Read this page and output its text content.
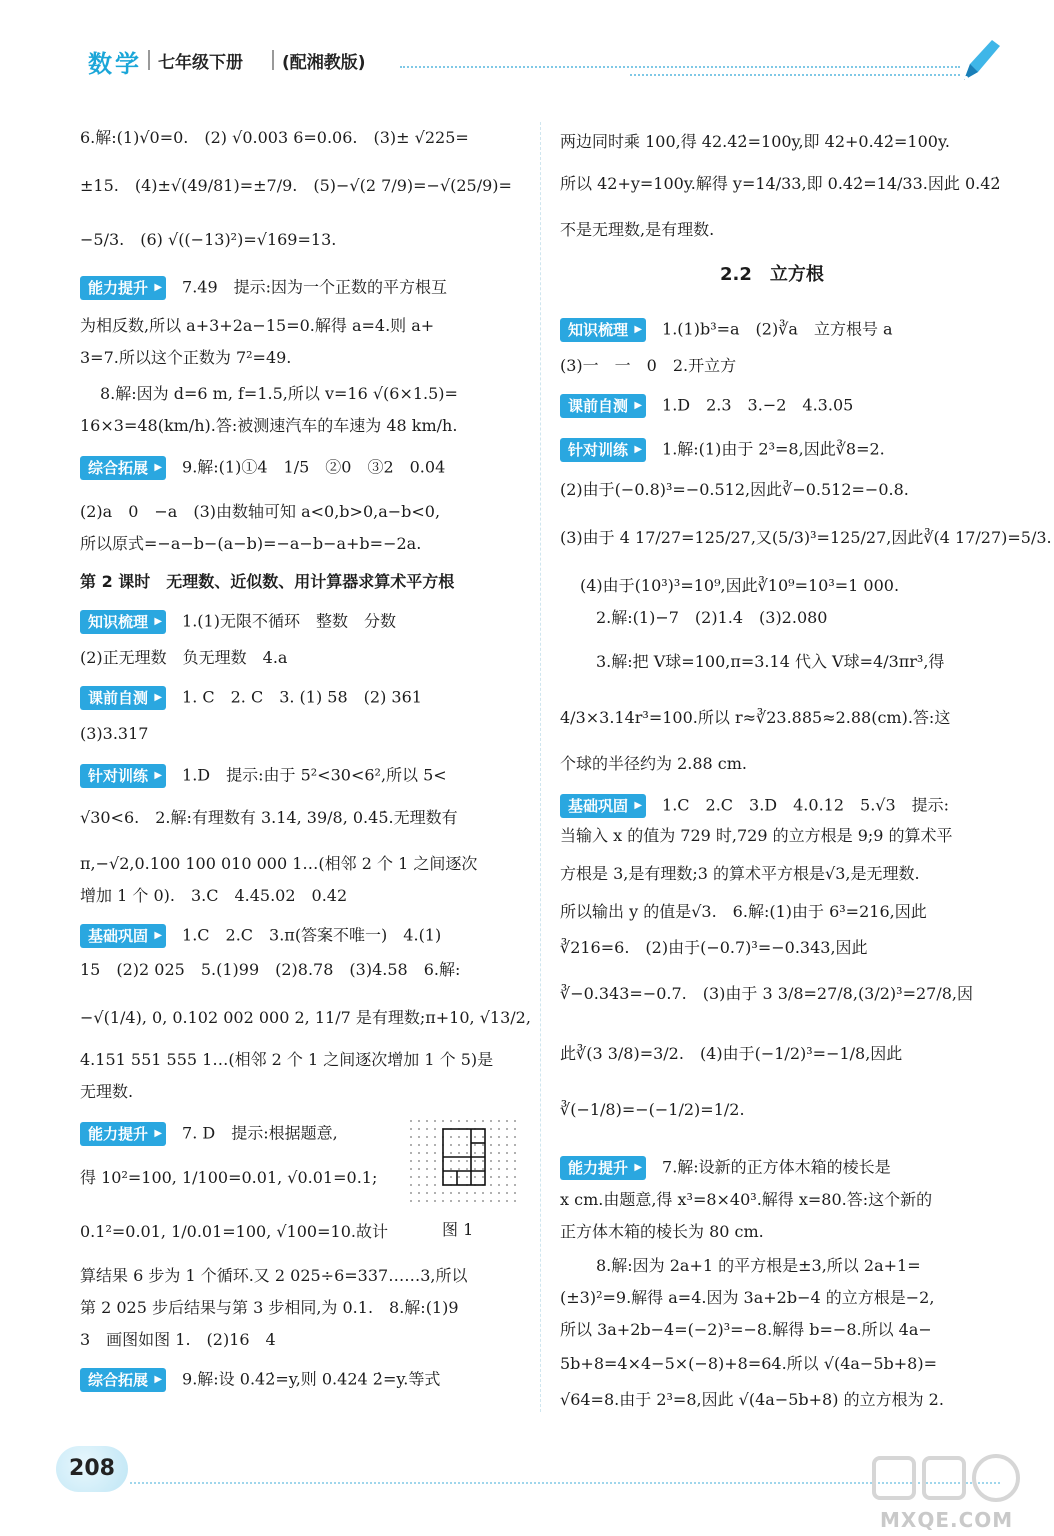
数学 七年级下册 (配湘教版)
6.解:(1)√0=0.　(2) √0.003 6=0.06.　(3)± √225=
±15.　(4)±√(49/81)=±7/9.　(5)−√(2 7/9)=−√(25/9)=
−5/3.　(6) √((−13)²)=√169=13.
能力提升 ▶ 7.49　提示:因为一个正数的平方根互
为相反数,所以 a+3+2a−15=0.解得 a=4.则 a+
3=7.所以这个正数为 7²=49.
8.解:因为 d=6 m, f=1.5,所以 v=16 √(6×1.5)=
16×3=48(km/h).答:被测速汽车的车速为 48 km/h.
综合拓展 ▶ 9.解:(1)①4　1/5　②0　③2　0.04
(2)a　0　−a　(3)由数轴可知 a<0,b>0,a−b<0,
所以原式=−a−b−(a−b)=−a−b−a+b=−2a.
第 2 课时　无理数、近似数、用计算器求算术平方根
知识梳理 ▶ 1.(1)无限不循环　整数　分数
(2)正无理数　负无理数　4.a
课前自测 ▶ 1. C　2. C　3. (1) 58　(2) 361
(3)3.317
针对训练 ▶ 1.D　提示:由于 5²<30<6²,所以 5<
√30<6.　2.解:有理数有 3.14, 39/8, 0.4̇5̇.无理数有
π,−√2,0.100 100 010 000 1…(相邻 2 个 1 之间逐次
增加 1 个 0).　3.C　4.45.02　0.42
基础巩固 ▶ 1.C　2.C　3.π(答案不唯一)　4.(1)
15　(2)2 025　5.(1)99　(2)8.78　(3)4.58　6.解:
−√(1/4), 0, 0.102 002 000 2, 11/7 是有理数;π+10, √13/2,
4.151 551 555 1…(相邻 2 个 1 之间逐次增加 1 个 5)是
无理数.
能力提升 ▶ 7. D　提示:根据题意,
得 10²=100, 1/100=0.01, √0.01=0.1;
0.1²=0.01, 1/0.01=100, √100=10.故计
算结果 6 步为 1 个循环.又 2 025÷6=337……3,所以
第 2 025 步后结果与第 3 步相同,为 0.1.　8.解:(1)9
3　画图如图 1.　(2)16　4
综合拓展 ▶ 9.解:设 0.4̇2̇=y,则 0.424 2̇=y.等式
图 1
两边同时乘 100,得 42.4̇2̇=100y,即 42+0.4̇2̇=100y.
所以 42+y=100y.解得 y=14/33,即 0.4̇2̇=14/33.因此 0.4̇2̇
不是无理数,是有理数.
2.2　立方根
知识梳理 ▶ 1.(1)b³=a　(2)∛a　立方根号 a
(3)一　一　0　2.开立方
课前自测 ▶ 1.D　2.3　3.−2　4.3.05
针对训练 ▶ 1.解:(1)由于 2³=8,因此∛8=2.
(2)由于(−0.8)³=−0.512,因此∛−0.512=−0.8.
(3)由于 4 17/27=125/27,又(5/3)³=125/27,因此∛(4 17/27)=5/3.
(4)由于(10³)³=10⁹,因此∛10⁹=10³=1 000.
2.解:(1)−7　(2)1.4　(3)2.080
3.解:把 V球=100,π=3.14 代入 V球=4/3πr³,得
4/3×3.14r³=100.所以 r≈∛23.885≈2.88(cm).答:这
个球的半径约为 2.88 cm.
基础巩固 ▶ 1.C　2.C　3.D　4.0.12　5.√3　提示:
当输入 x 的值为 729 时,729 的立方根是 9;9 的算术平
方根是 3,是有理数;3 的算术平方根是√3,是无理数.
所以输出 y 的值是√3.　6.解:(1)由于 6³=216,因此
∛216=6.　(2)由于(−0.7)³=−0.343,因此
∛−0.343=−0.7.　(3)由于 3 3/8=27/8,(3/2)³=27/8,因
此∛(3 3/8)=3/2.　(4)由于(−1/2)³=−1/8,因此
∛(−1/8)=−(−1/2)=1/2.
能力提升 ▶ 7.解:设新的正方体木箱的棱长是
x cm.由题意,得 x³=8×40³.解得 x=80.答:这个新的
正方体木箱的棱长为 80 cm.
8.解:因为 2a+1 的平方根是±3,所以 2a+1=
(±3)²=9.解得 a=4.因为 3a+2b−4 的立方根是−2,
所以 3a+2b−4=(−2)³=−8.解得 b=−8.所以 4a−
5b+8=4×4−5×(−8)+8=64.所以 √(4a−5b+8)=
√64=8.由于 2³=8,因此 √(4a−5b+8) 的立方根为 2.
208
MXQE.COM
